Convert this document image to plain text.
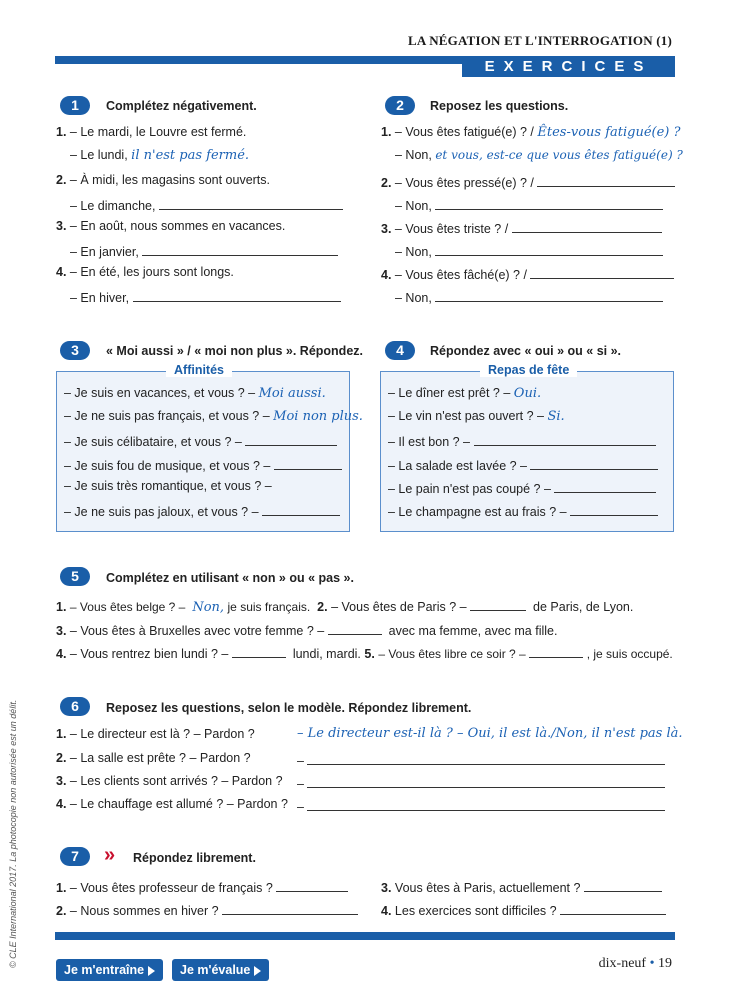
LA NÉGATION ET L'INTERROGATION (1)
EXERCICES
1	Complétez négativement.
1. – Le mardi, le Louvre est fermé.
– Le lundi, il n'est pas fermé.
2. – À midi, les magasins sont ouverts.
– Le dimanche,
3. – En août, nous sommes en vacances.
– En janvier,
4. – En été, les jours sont longs.
– En hiver,
2	Reposez les questions.
1. – Vous êtes fatigué(e) ? / Êtes-vous fatigué(e) ?
– Non, et vous, est-ce que vous êtes fatigué(e) ?
2. – Vous êtes pressé(e) ? /
– Non,
3. – Vous êtes triste ? /
– Non,
4. – Vous êtes fâché(e) ? /
– Non,
3	« Moi aussi » / « moi non plus ». Répondez.
Affinités
– Je suis en vacances, et vous ? – Moi aussi.
– Je ne suis pas français, et vous ? – Moi non plus.
– Je suis célibataire, et vous ? –
– Je suis fou de musique, et vous ? –
– Je suis très romantique, et vous ? –
– Je ne suis pas jaloux, et vous ? –
4	Répondez avec « oui » ou « si ».
Repas de fête
– Le dîner est prêt ? – Oui.
– Le vin n'est pas ouvert ? – Si.
– Il est bon ? –
– La salade est lavée ? –
– Le pain n'est pas coupé ? –
– Le champagne est au frais ? –
5	Complétez en utilisant « non » ou « pas ».
1. – Vous êtes belge ? – Non, je suis français. 2. – Vous êtes de Paris ? –	de Paris, de Lyon.
3. – Vous êtes à Bruxelles avec votre femme ? –	avec ma femme, avec ma fille.
4. – Vous rentrez bien lundi ? –	lundi, mardi. 5. – Vous êtes libre ce soir ? –	, je suis occupé.
6	Reposez les questions, selon le modèle. Répondez librement.
1. – Le directeur est là ? – Pardon ?	– Le directeur est-il là ? – Oui, il est là./Non, il n'est pas là.
2. – La salle est prête ? – Pardon ?	–
3. – Les clients sont arrivés ? – Pardon ? –
4. – Le chauffage est allumé ? – Pardon ? –
7	» Répondez librement.
1. – Vous êtes professeur de français ?
2. – Nous sommes en hiver ?
3. Vous êtes à Paris, actuellement ?
4. Les exercices sont difficiles ?
Je m'entraîne	Je m'évalue	dix-neuf • 19
© CLE International 2017. La photocopie non autorisée est un délit.
